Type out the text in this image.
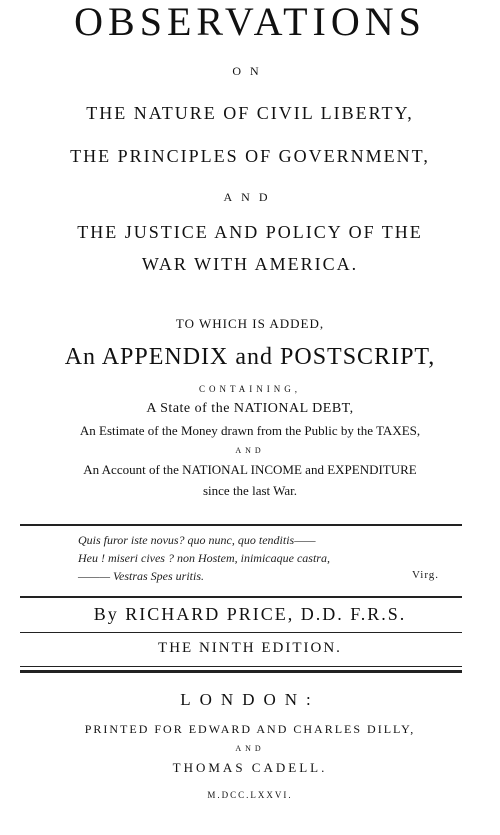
OBSERVATIONS
ON
THE NATURE OF CIVIL LIBERTY,
THE PRINCIPLES OF GOVERNMENT,
AND
THE JUSTICE AND POLICY OF THE
WAR WITH AMERICA.
TO WHICH IS ADDED,
An APPENDIX and POSTSCRIPT,
CONTAINING,
A State of the NATIONAL DEBT,
An Estimate of the Money drawn from the Public by the TAXES,
AND
An Account of the NATIONAL INCOME and EXPENDITURE
since the last War.
Quis furor iste novus? quo nunc, quo tenditis——
Heu ! miseri cives ? non Hostem, inimicaque castra,
——— Vestras Spes uritis.	Virg.
By RICHARD PRICE, D.D. F.R.S.
THE NINTH EDITION.
LONDON:
PRINTED FOR EDWARD AND CHARLES DILLY,
AND
THOMAS CADELL.
M.DCC.LXXVI.
